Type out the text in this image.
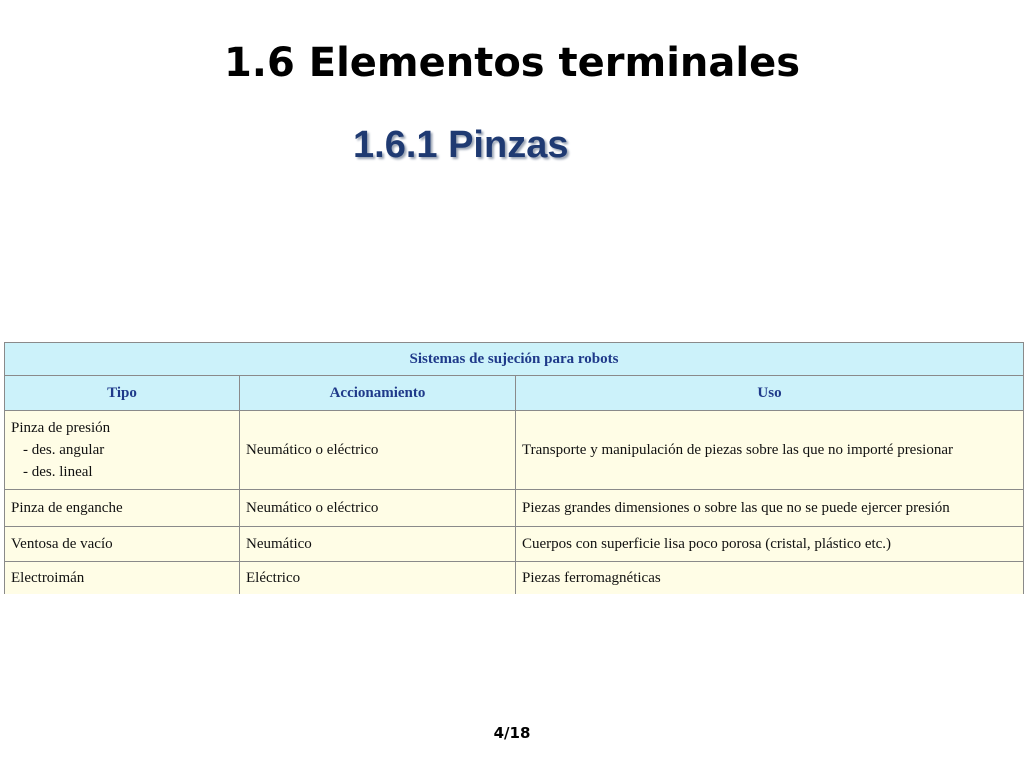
1.6 Elementos terminales
1.6.1 Pinzas
Sistemas de sujeción para robots		
Tipo	Accionamiento	Uso

Pinza de presión
- des. angular
- des. lineal	Neumático o eléctrico	Transporte y manipulación de piezas sobre las que no importé presionar
Pinza de enganche	Neumático o eléctrico	Piezas grandes dimensiones o sobre las que no se puede ejercer presión
Ventosa de vacío	Neumático	Cuerpos con superficie lisa poco porosa (cristal, plástico etc.)
Electroimán	Eléctrico	Piezas ferromagnéticas
4/18
